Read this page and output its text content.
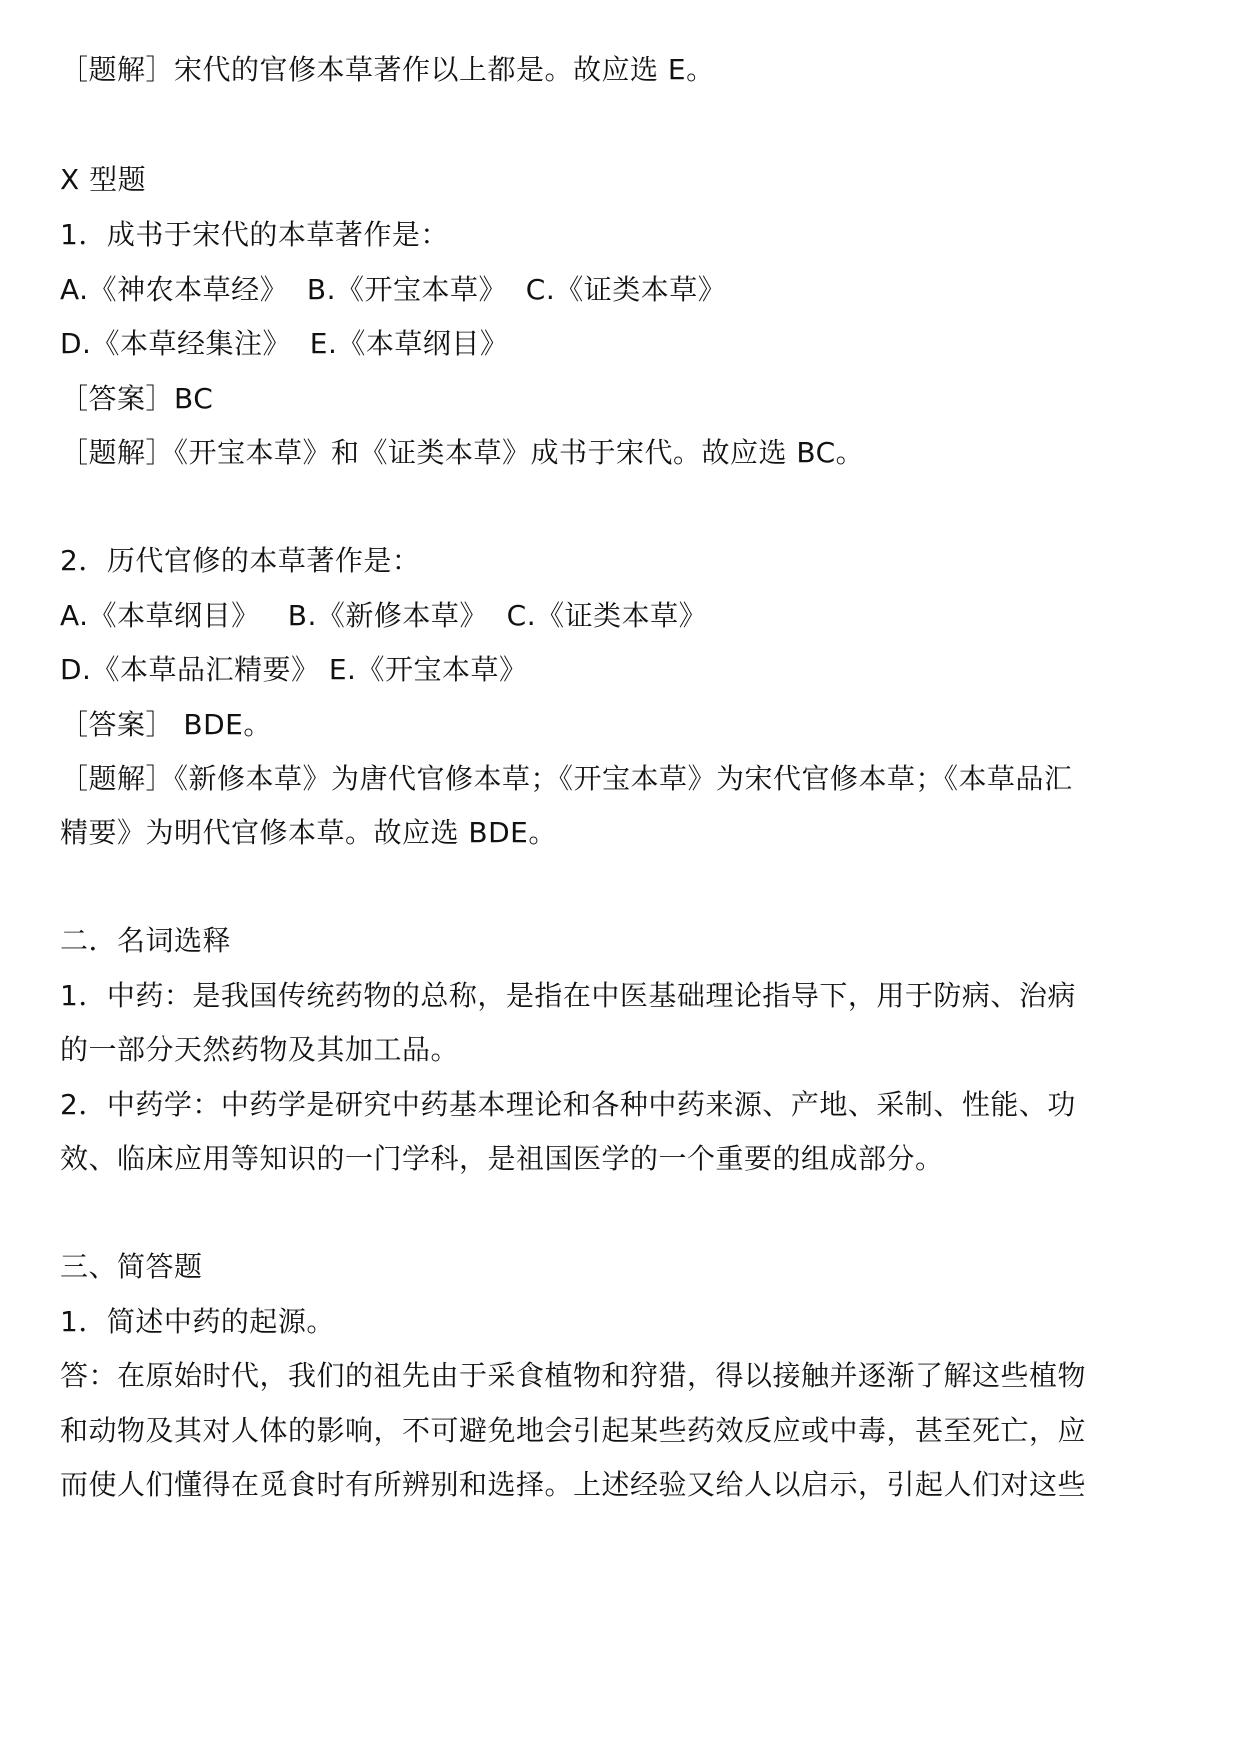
［题解］宋代的官修本草著作以上都是。故应选 E。
X 型题
1．成书于宋代的本草著作是：
A.《神农本草经》  B.《开宝本草》  C.《证类本草》
D.《本草经集注》  E.《本草纲目》
［答案］BC
［题解］《开宝本草》和《证类本草》成书于宋代。故应选 BC。
2．历代官修的本草著作是：
A.《本草纲目》   B.《新修本草》  C.《证类本草》
D.《本草品汇精要》 E.《开宝本草》
［答案］ BDE。
［题解］《新修本草》为唐代官修本草；《开宝本草》为宋代官修本草；《本草品汇
精要》为明代官修本草。故应选 BDE。
二．名词选释
1．中药：是我国传统药物的总称，是指在中医基础理论指导下，用于防病、治病
的一部分天然药物及其加工品。
2．中药学：中药学是研究中药基本理论和各种中药来源、产地、采制、性能、功
效、临床应用等知识的一门学科，是祖国医学的一个重要的组成部分。
三、简答题
1．简述中药的起源。
答：在原始时代，我们的祖先由于采食植物和狩猎，得以接触并逐渐了解这些植物
和动物及其对人体的影响，不可避免地会引起某些药效反应或中毒，甚至死亡，应
而使人们懂得在觅食时有所辨别和选择。上述经验又给人以启示，引起人们对这些
